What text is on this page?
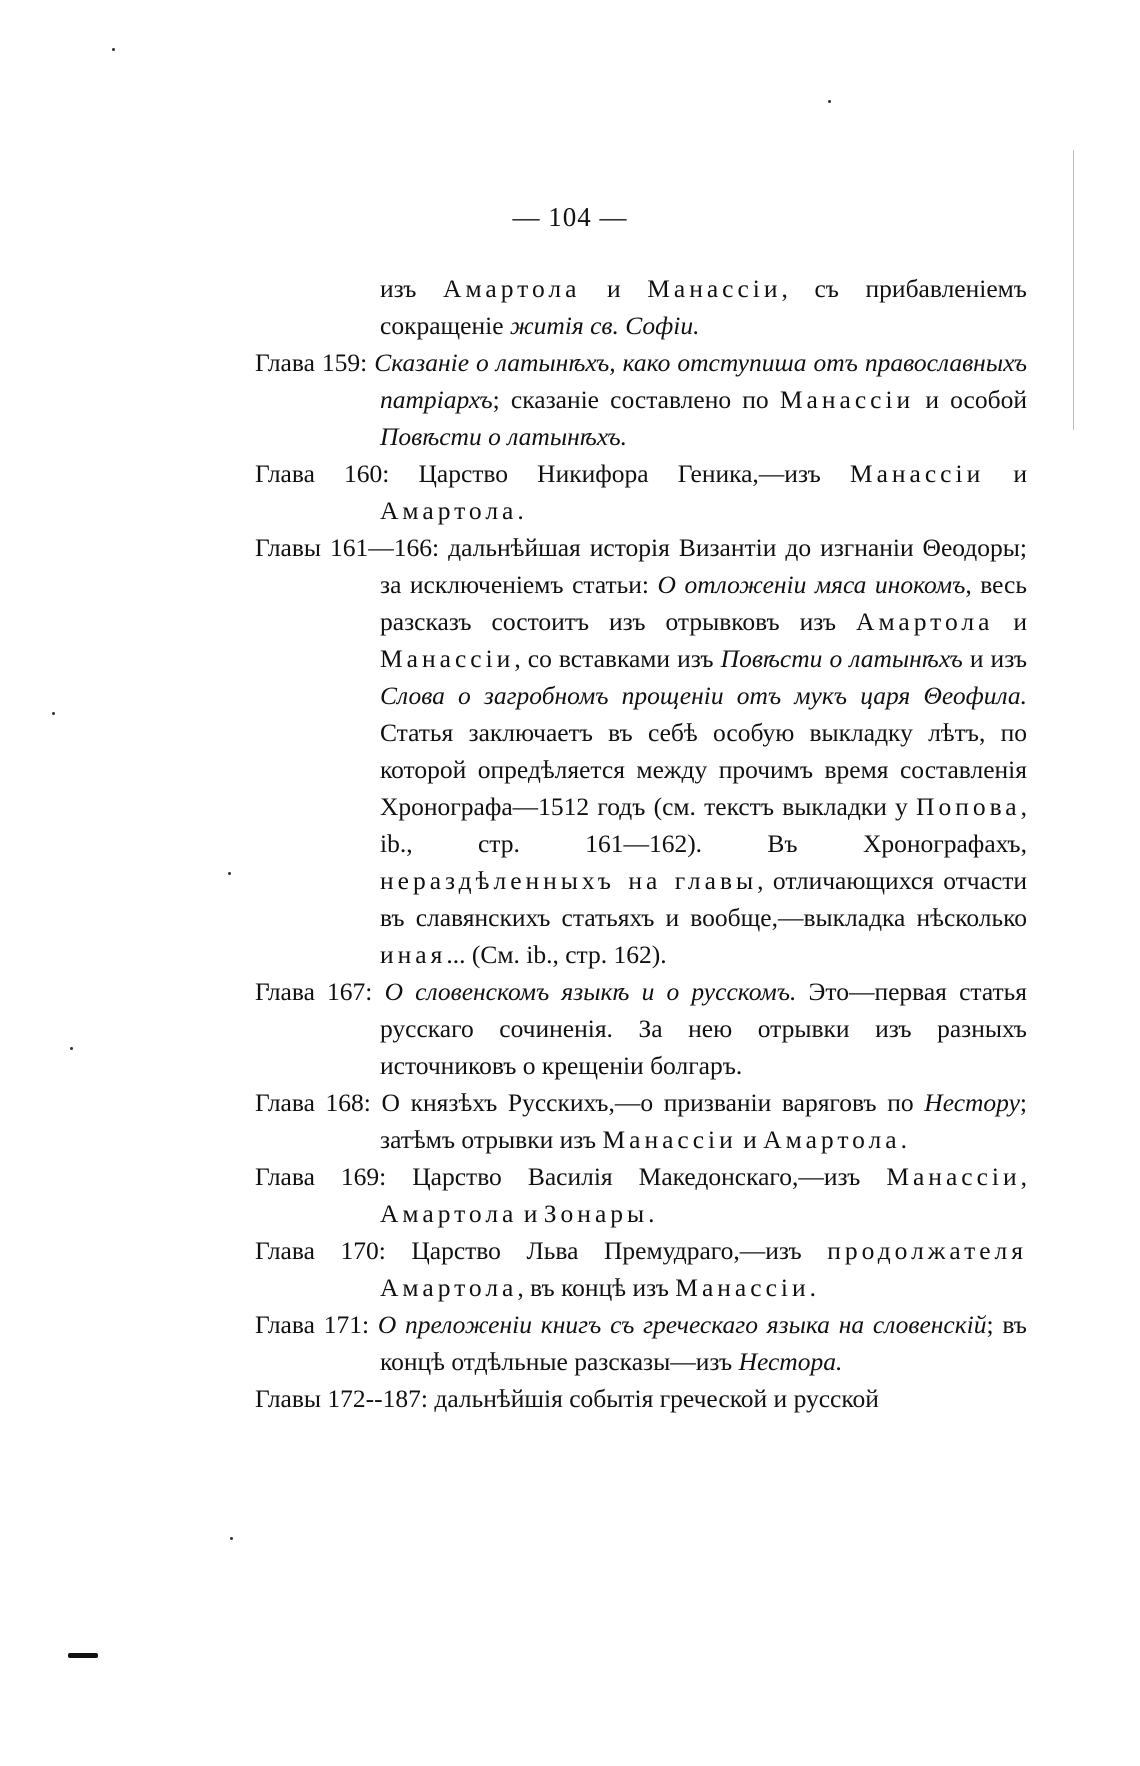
— 104 —
изъ Амартола и Манассіи, съ прибавленіемъ сокращеніе житія св. Софіи.
Глава 159: Сказаніе о латынѣхъ, како отступиша отъ православныхъ патріархъ; сказаніе составлено по Манассіи и особой Повѣсти о латынѣхъ.
Глава 160: Царство Никифора Геника,—изъ Манассіи и Амартола.
Главы 161—166: дальнѣйшая исторія Византіи до изгнаніи Θеодоры; за исключеніемъ статьи: О отложеніи мяса инокомъ, весь разсказъ состоитъ изъ отрывковъ изъ Амартола и Манассіи, со вставками изъ Повѣсти о латынѣхъ и изъ Слова о загробномъ прощеніи отъ мукъ царя Θеофила. Статья заключаетъ въ себѣ особую выкладку лѣтъ, по которой опредѣляется между прочимъ время составленія Хронографа—1512 годъ (см. текстъ выкладки у Попова, ib., стр. 161—162). Въ Хронографахъ, нераздѣленныхъ на главы, отличающихся отчасти въ славянскихъ статьяхъ и вообще,—выкладка нѣсколько иная... (См. ib., стр. 162).
Глава 167: О словенскомъ языкѣ и о русскомъ. Это—первая статья русскаго сочиненія. За нею отрывки изъ разныхъ источниковъ о крещеніи болгаръ.
Глава 168: О князѣхъ Русскихъ,—о призваніи варяговъ по Нестору; затѣмъ отрывки изъ Манассіи и Амартола.
Глава 169: Царство Василія Македонскаго,—изъ Манассіи, Амартола и Зонары.
Глава 170: Царство Льва Премудраго,—изъ продолжателя Амартола, въ концѣ изъ Манассіи.
Глава 171: О преложеніи книгъ съ греческаго языка на словенскій; въ концѣ отдѣльные разсказы—изъ Нестора.
Главы 172--187: дальнѣйшія событія греческой и русской
